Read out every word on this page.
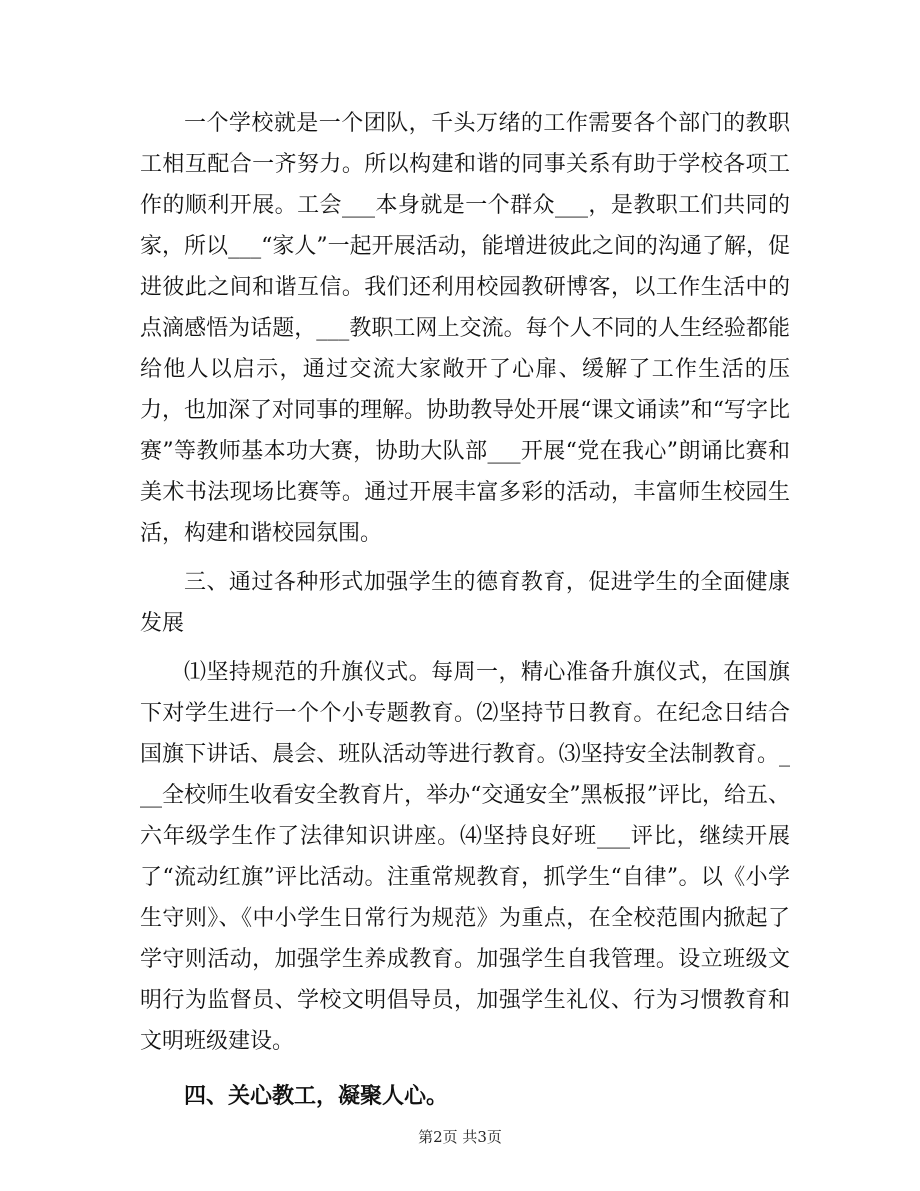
一个学校就是一个团队，千头万绪的工作需要各个部门的教职工相互配合一齐努力。所以构建和谐的同事关系有助于学校各项工作的顺利开展。工会___本身就是一个群众___，是教职工们共同的家，所以___“家人”一起开展活动，能增进彼此之间的沟通了解，促进彼此之间和谐互信。我们还利用校园教研博客，以工作生活中的点滴感悟为话题，___教职工网上交流。每个人不同的人生经验都能给他人以启示，通过交流大家敞开了心扉、缓解了工作生活的压力，也加深了对同事的理解。协助教导处开展“课文诵读”和“写字比赛”等教师基本功大赛，协助大队部___开展“党在我心”朗诵比赛和美术书法现场比赛等。通过开展丰富多彩的活动，丰富师生校园生活，构建和谐校园氛围。

三、通过各种形式加强学生的德育教育，促进学生的全面健康发展

⑴坚持规范的升旗仪式。每周一，精心准备升旗仪式，在国旗下对学生进行一个个小专题教育。⑵坚持节日教育。在纪念日结合国旗下讲话、晨会、班队活动等进行教育。⑶坚持安全法制教育。___全校师生收看安全教育片，举办“交通安全”黑板报”评比，给五、六年级学生作了法律知识讲座。⑷坚持良好班___评比，继续开展了“流动红旗”评比活动。注重常规教育，抓学生“自律”。以《小学生守则》、《中小学生日常行为规范》为重点，在全校范围内掀起了学守则活动，加强学生养成教育。加强学生自我管理。设立班级文明行为监督员、学校文明倡导员，加强学生礼仪、行为习惯教育和文明班级建设。

四、关心教工，凝聚人心。

第2页 共3页
